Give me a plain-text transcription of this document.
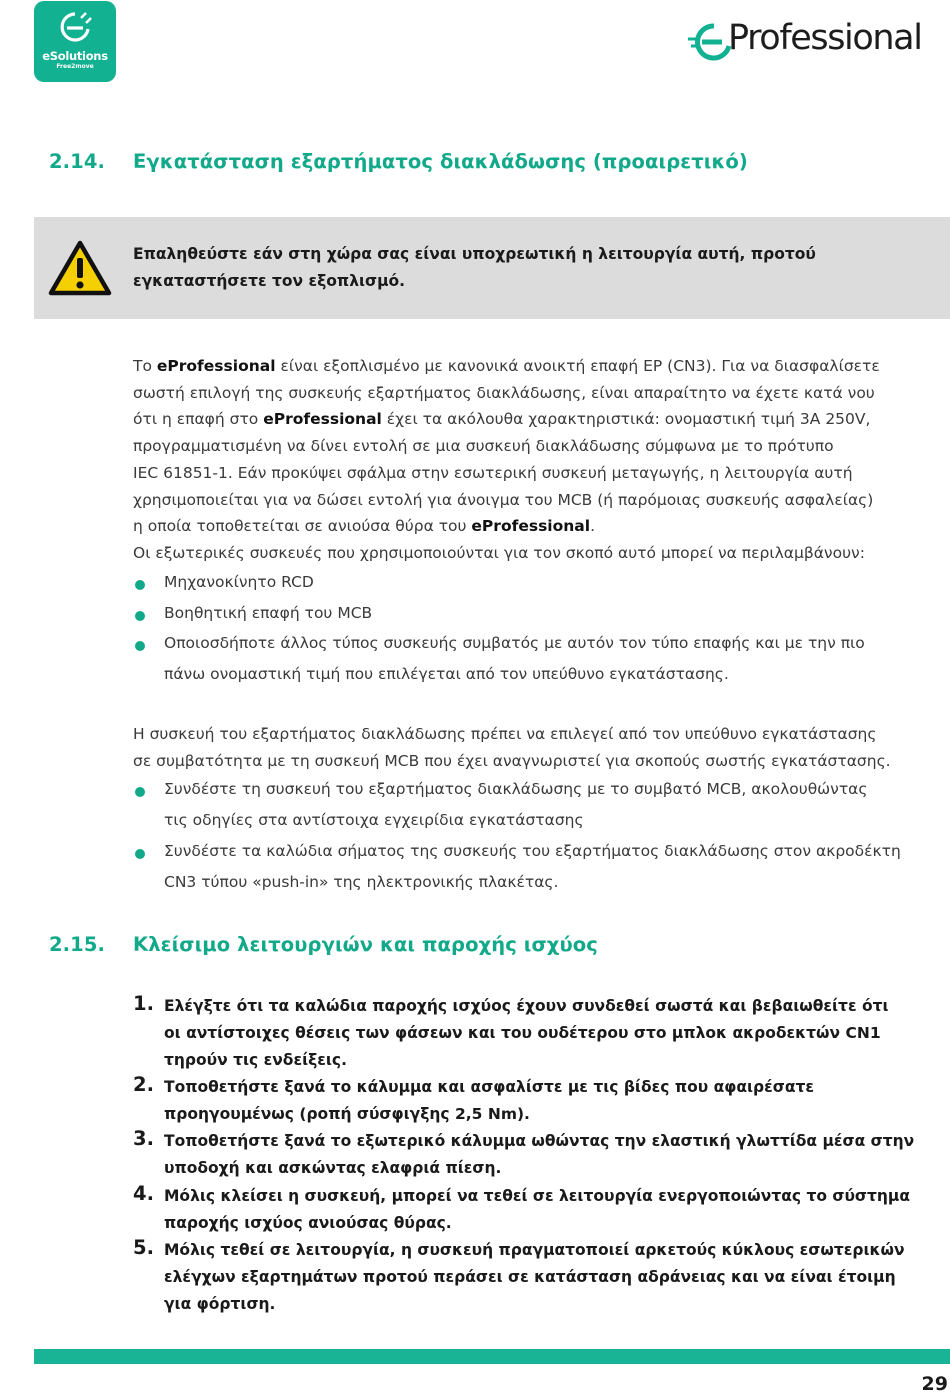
eSolutions
Free2move
Professional
2.14. Εγκατάσταση εξαρτήματος διακλάδωσης (προαιρετικό)
Επαληθεύστε εάν στη χώρα σας είναι υποχρεωτική η λειτουργία αυτή, προτού
εγκαταστήσετε τον εξοπλισμό.
Το eProfessional είναι εξοπλισμένο με κανονικά ανοικτή επαφή EP (CN3). Για να διασφαλίσετε
σωστή επιλογή της συσκευής εξαρτήματος διακλάδωσης, είναι απαραίτητο να έχετε κατά νου
ότι η επαφή στο eProfessional έχει τα ακόλουθα χαρακτηριστικά: ονομαστική τιμή 3A 250V,
προγραμματισμένη να δίνει εντολή σε μια συσκευή διακλάδωσης σύμφωνα με το πρότυπο
IEC 61851-1. Εάν προκύψει σφάλμα στην εσωτερική συσκευή μεταγωγής, η λειτουργία αυτή
χρησιμοποιείται για να δώσει εντολή για άνοιγμα του MCB (ή παρόμοιας συσκευής ασφαλείας)
η οποία τοποθετείται σε ανιούσα θύρα του eProfessional.
Οι εξωτερικές συσκευές που χρησιμοποιούνται για τον σκοπό αυτό μπορεί να περιλαμβάνουν:
Μηχανοκίνητο RCD
Βοηθητική επαφή του MCB
Οποιοσδήποτε άλλος τύπος συσκευής συμβατός με αυτόν τον τύπο επαφής και με την πιο
πάνω ονομαστική τιμή που επιλέγεται από τον υπεύθυνο εγκατάστασης.
Η συσκευή του εξαρτήματος διακλάδωσης πρέπει να επιλεγεί από τον υπεύθυνο εγκατάστασης
σε συμβατότητα με τη συσκευή MCB που έχει αναγνωριστεί για σκοπούς σωστής εγκατάστασης.
Συνδέστε τη συσκευή του εξαρτήματος διακλάδωσης με το συμβατό MCB, ακολουθώντας
τις οδηγίες στα αντίστοιχα εγχειρίδια εγκατάστασης
Συνδέστε τα καλώδια σήματος της συσκευής του εξαρτήματος διακλάδωσης στον ακροδέκτη
CN3 τύπου «push-in» της ηλεκτρονικής πλακέτας.
2.15. Κλείσιμο λειτουργιών και παροχής ισχύος
1. Ελέγξτε ότι τα καλώδια παροχής ισχύος έχουν συνδεθεί σωστά και βεβαιωθείτε ότι
οι αντίστοιχες θέσεις των φάσεων και του ουδέτερου στο μπλοκ ακροδεκτών CN1
τηρούν τις ενδείξεις.
2. Τοποθετήστε ξανά το κάλυμμα και ασφαλίστε με τις βίδες που αφαιρέσατε
προηγουμένως (ροπή σύσφιγξης 2,5 Nm).
3. Τοποθετήστε ξανά το εξωτερικό κάλυμμα ωθώντας την ελαστική γλωττίδα μέσα στην
υποδοχή και ασκώντας ελαφριά πίεση.
4. Μόλις κλείσει η συσκευή, μπορεί να τεθεί σε λειτουργία ενεργοποιώντας το σύστημα
παροχής ισχύος ανιούσας θύρας.
5. Μόλις τεθεί σε λειτουργία, η συσκευή πραγματοποιεί αρκετούς κύκλους εσωτερικών
ελέγχων εξαρτημάτων προτού περάσει σε κατάσταση αδράνειας και να είναι έτοιμη
για φόρτιση.
29
